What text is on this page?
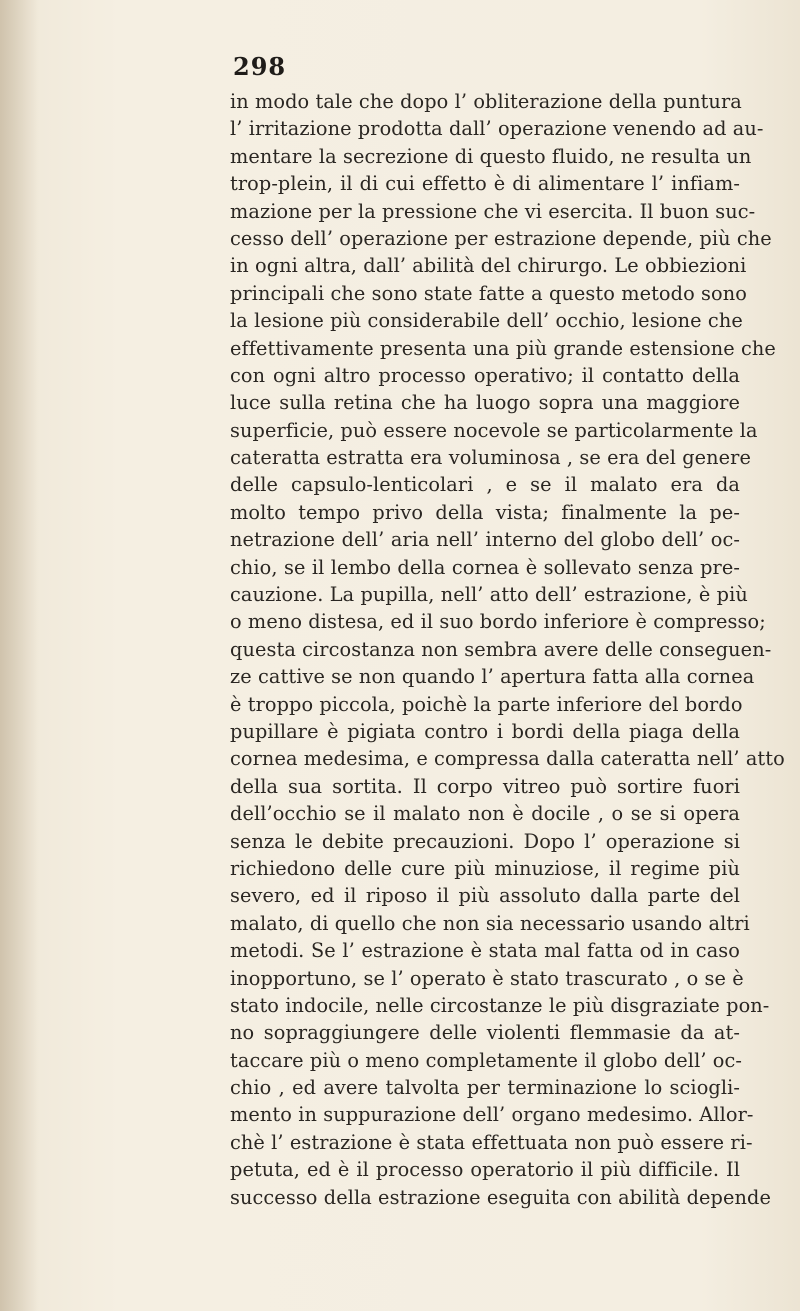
298
in modo tale che dopo l’ obliterazione della puntura
l’ irritazione prodotta dall’ operazione venendo ad au-
mentare la secrezione di questo fluido, ne resulta un
trop-plein, il di cui effetto è di alimentare l’ infiam-
mazione per la pressione che vi esercita. Il buon suc-
cesso dell’ operazione per estrazione depende, più che
in ogni altra, dall’ abilità del chirurgo. Le obbiezioni
principali che sono state fatte a questo metodo sono
la lesione più considerabile dell’ occhio, lesione che
effettivamente presenta una più grande estensione che
con ogni altro processo operativo; il contatto della
luce sulla retina che ha luogo sopra una maggiore
superficie, può essere nocevole se particolarmente la
cateratta estratta era voluminosa , se era del genere
delle capsulo-lenticolari , e se il malato era da
molto tempo privo della vista; finalmente la pe-
netrazione dell’ aria nell’ interno del globo dell’ oc-
chio, se il lembo della cornea è sollevato senza pre-
cauzione. La pupilla, nell’ atto dell’ estrazione, è più
o meno distesa, ed il suo bordo inferiore è compresso;
questa circostanza non sembra avere delle conseguen-
ze cattive se non quando l’ apertura fatta alla cornea
è troppo piccola, poichè la parte inferiore del bordo
pupillare è pigiata contro i bordi della piaga della
cornea medesima, e compressa dalla cateratta nell’ atto
della sua sortita. Il corpo vitreo può sortire fuori
dell’occhio se il malato non è docile , o se si opera
senza le debite precauzioni. Dopo l’ operazione si
richiedono delle cure più minuziose, il regime più
severo, ed il riposo il più assoluto dalla parte del
malato, di quello che non sia necessario usando altri
metodi. Se l’ estrazione è stata mal fatta od in caso
inopportuno, se l’ operato è stato trascurato , o se è
stato indocile, nelle circostanze le più disgraziate pon-
no sopraggiungere delle violenti flemmasie da at-
taccare più o meno completamente il globo dell’ oc-
chio , ed avere talvolta per terminazione lo sciogli-
mento in suppurazione dell’ organo medesimo. Allor-
chè l’ estrazione è stata effettuata non può essere ri-
petuta, ed è il processo operatorio il più difficile. Il
successo della estrazione eseguita con abilità depende
